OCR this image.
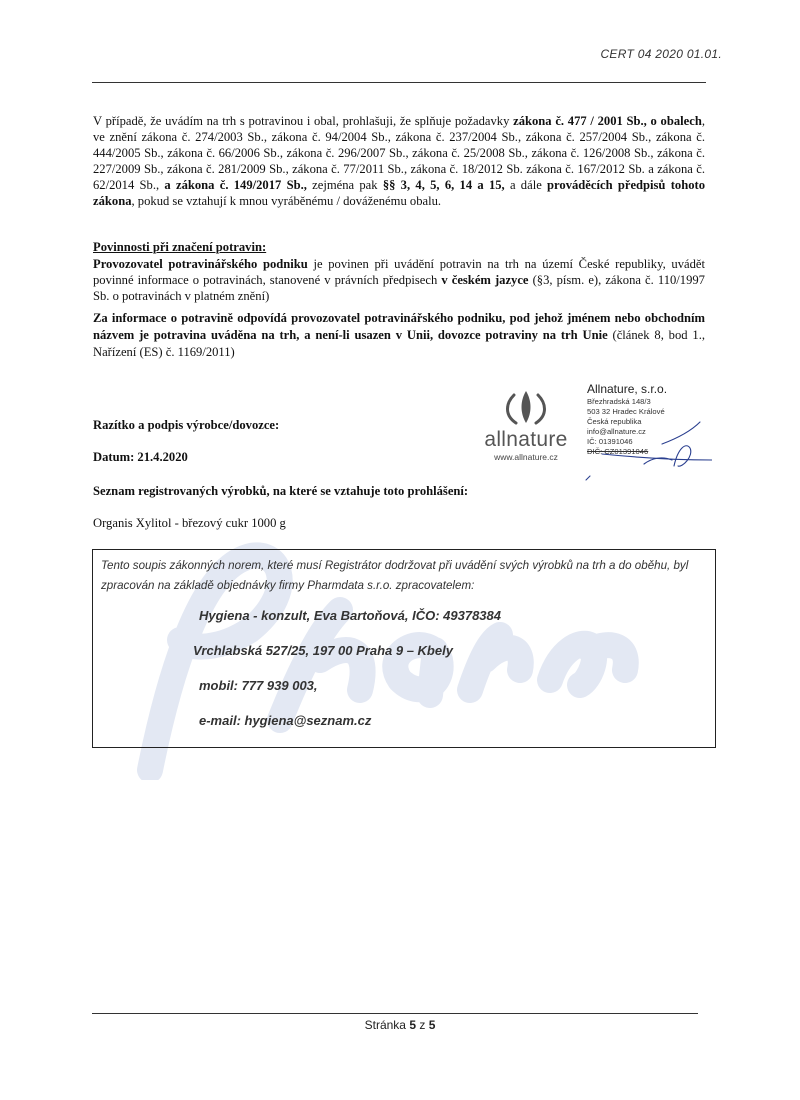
CERT 04 2020 01.01.
V případě, že uvádím na trh s potravinou i obal, prohlašuji, že splňuje požadavky zákona č. 477 / 2001 Sb., o obalech, ve znění zákona č. 274/2003 Sb., zákona č. 94/2004 Sb., zákona č. 237/2004 Sb., zákona č. 257/2004 Sb., zákona č. 444/2005 Sb., zákona č. 66/2006 Sb., zákona č. 296/2007 Sb., zákona č. 25/2008 Sb., zákona č. 126/2008 Sb., zákona č. 227/2009 Sb., zákona č. 281/2009 Sb., zákona č. 77/2011 Sb., zákona č. 18/2012 Sb. zákona č. 167/2012 Sb. a zákona č. 62/2014 Sb., a zákona č. 149/2017 Sb., zejména pak §§ 3, 4, 5, 6, 14 a 15, a dále prováděcích předpisů tohoto zákona, pokud se vztahují k mnou vyráběnému / dováženému obalu.
Povinnosti při značení potravin:
Provozovatel potravinářského podniku je povinen při uvádění potravin na trh na území České republiky, uvádět povinné informace o potravinách, stanovené v právních předpisech v českém jazyce (§3, písm. e), zákona č. 110/1997 Sb. o potravinách v platném znění)
Za informace o potravině odpovídá provozovatel potravinářského podniku, pod jehož jménem nebo obchodním názvem je potravina uváděna na trh, a není-li usazen v Unii, dovozce potraviny na trh Unie (článek 8, bod 1., Nařízení (ES) č. 1169/2011)
Razítko a podpis výrobce/dovozce:
Datum: 21.4.2020
allnature
www.allnature.cz
Allnature, s.r.o.
Březhradská 148/3
503 32 Hradec Králové
Česká republika
info@allnature.cz
IČ: 01391046
DIČ: CZ01391046
Seznam registrovaných výrobků, na které se vztahuje toto prohlášení:
Organis Xylitol - březový cukr 1000 g
Tento soupis zákonných norem, které musí Registrátor dodržovat při uvádění svých výrobků na trh a do oběhu, byl zpracován na základě objednávky firmy Pharmdata s.r.o. zpracovatelem:
Hygiena - konzult, Eva Bartoňová, IČO: 49378384
Vrchlabská 527/25, 197 00 Praha 9 – Kbely
mobil: 777 939 003,
e-mail: hygiena@seznam.cz
Stránka 5 z 5
